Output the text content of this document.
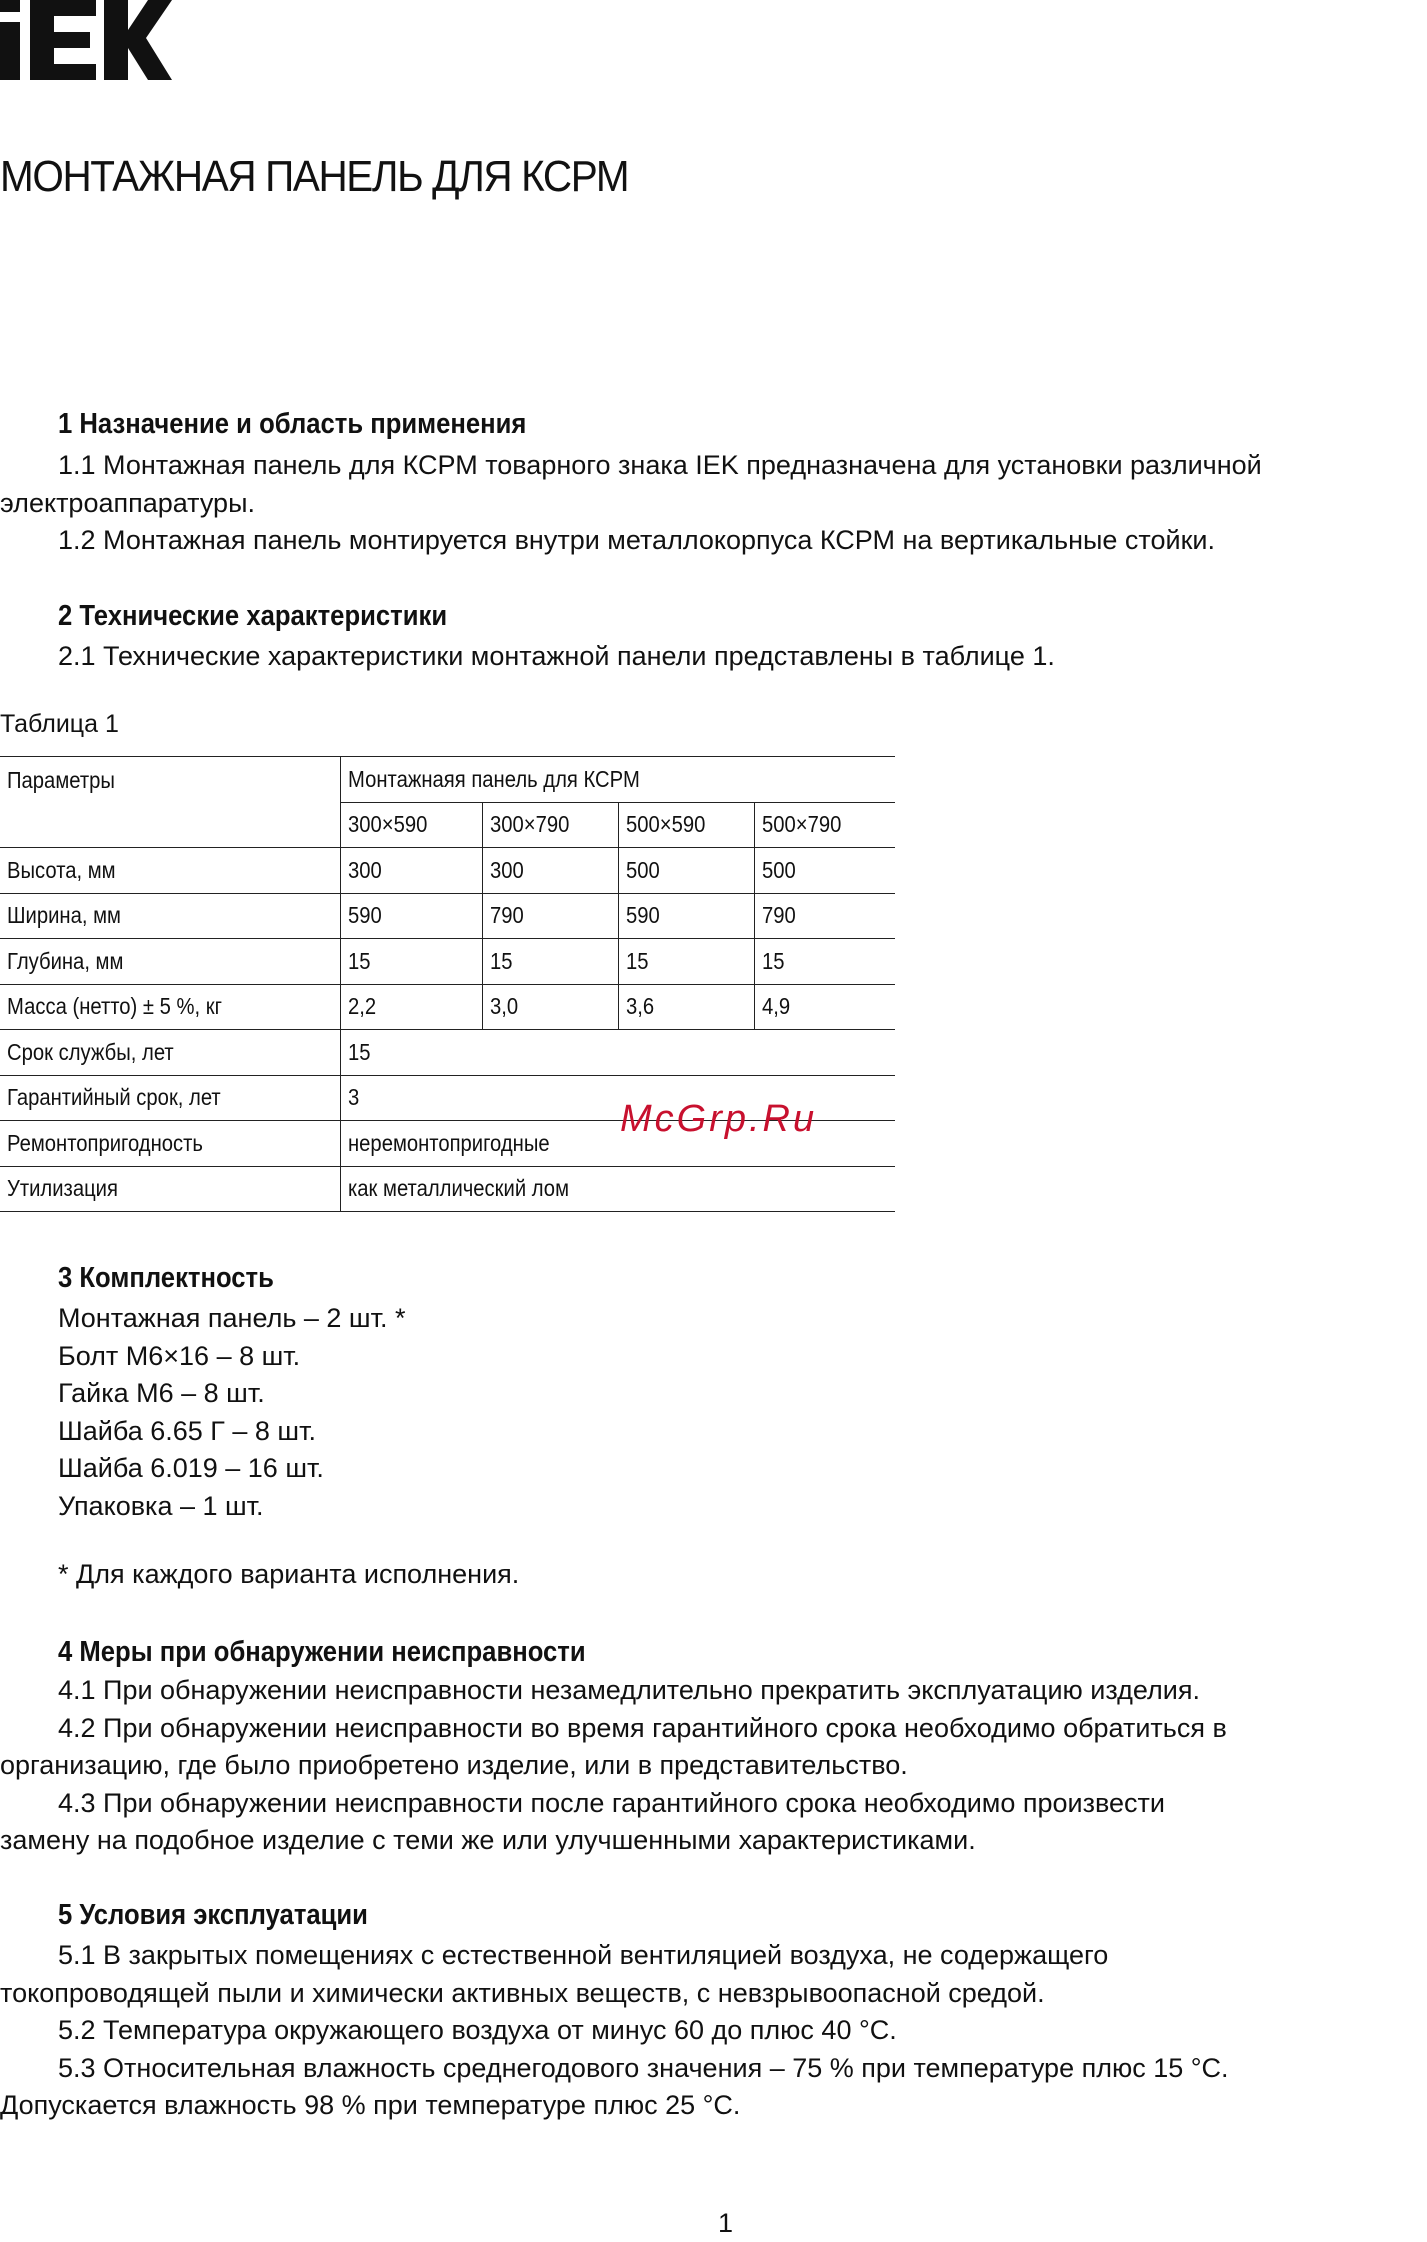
МОНТАЖНАЯ ПАНЕЛЬ ДЛЯ КСРМ
1 Назначение и область применения
1.1 Монтажная панель для КСРМ товарного знака IEK предназначена для установки различной
электроаппаратуры.
1.2 Монтажная панель монтируется внутри металлокорпуса КСРМ на вертикальные стойки.
2 Технические характеристики
2.1 Технические характеристики монтажной панели представлены в таблице 1.
Таблица 1
Параметры	Монтажнаяя панель для КСРМ			
	300×590	300×790	500×590	500×790
Высота, мм	300	300	500	500
Ширина, мм	590	790	590	790
Глубина, мм	15	15	15	15
Масса (нетто) ± 5 %, кг	2,2	3,0	3,6	4,9
Срок службы, лет	15			
Гарантийный срок, лет	3			
Ремонтопригодность	неремонтопригодные			
Утилизация	как металлический лом			
McGrp.Ru
3 Комплектность
Монтажная панель – 2 шт. *
Болт М6×16 – 8 шт.
Гайка М6 – 8 шт.
Шайба 6.65 Г – 8 шт.
Шайба 6.019 – 16 шт.
Упаковка – 1 шт.
* Для каждого варианта исполнения.
4 Меры при обнаружении неисправности
4.1 При обнаружении неисправности незамедлительно прекратить эксплуатацию изделия.
4.2 При обнаружении неисправности во время гарантийного срока необходимо обратиться в
организацию, где было приобретено изделие, или в представительство.
4.3 При обнаружении неисправности после гарантийного срока необходимо произвести
замену на подобное изделие с теми же или улучшенными характеристиками.
5 Условия эксплуатации
5.1 В закрытых помещениях с естественной вентиляцией воздуха, не содержащего
токопроводящей пыли и химически активных веществ, с невзрывоопасной средой.
5.2 Температура окружающего воздуха от минус 60 до плюс 40 °С.
5.3 Относительная влажность среднегодового значения – 75 % при температуре плюс 15 °С.
Допускается влажность 98 % при температуре плюс 25 °С.
1
